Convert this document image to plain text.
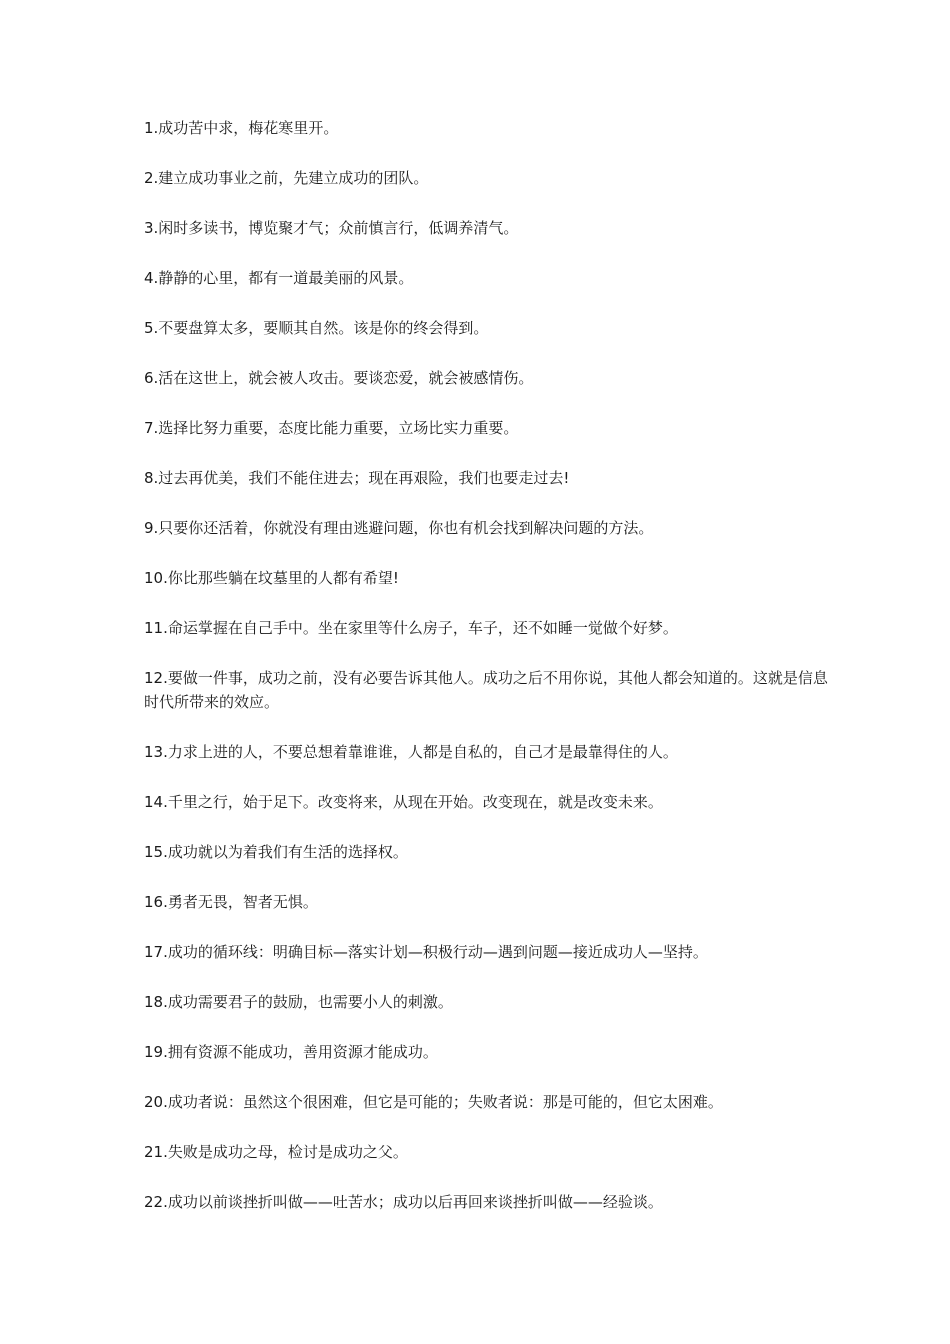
1.成功苦中求，梅花寒里开。
2.建立成功事业之前，先建立成功的团队。
3.闲时多读书，博览聚才气；众前慎言行，低调养清气。
4.静静的心里，都有一道最美丽的风景。
5.不要盘算太多，要顺其自然。该是你的终会得到。
6.活在这世上，就会被人攻击。要谈恋爱，就会被感情伤。
7.选择比努力重要，态度比能力重要，立场比实力重要。
8.过去再优美，我们不能住进去；现在再艰险，我们也要走过去!
9.只要你还活着，你就没有理由逃避问题，你也有机会找到解决问题的方法。
10.你比那些躺在坟墓里的人都有希望!
11.命运掌握在自己手中。坐在家里等什么房子，车子，还不如睡一觉做个好梦。
12.要做一件事，成功之前，没有必要告诉其他人。成功之后不用你说，其他人都会知道的。这就是信息时代所带来的效应。
13.力求上进的人，不要总想着靠谁谁，人都是自私的，自己才是最靠得住的人。
14.千里之行，始于足下。改变将来，从现在开始。改变现在，就是改变未来。
15.成功就以为着我们有生活的选择权。
16.勇者无畏，智者无惧。
17.成功的循环线：明确目标—落实计划—积极行动—遇到问题—接近成功人—坚持。
18.成功需要君子的鼓励，也需要小人的刺激。
19.拥有资源不能成功，善用资源才能成功。
20.成功者说：虽然这个很困难，但它是可能的；失败者说：那是可能的，但它太困难。
21.失败是成功之母，检讨是成功之父。
22.成功以前谈挫折叫做——吐苦水；成功以后再回来谈挫折叫做——经验谈。
